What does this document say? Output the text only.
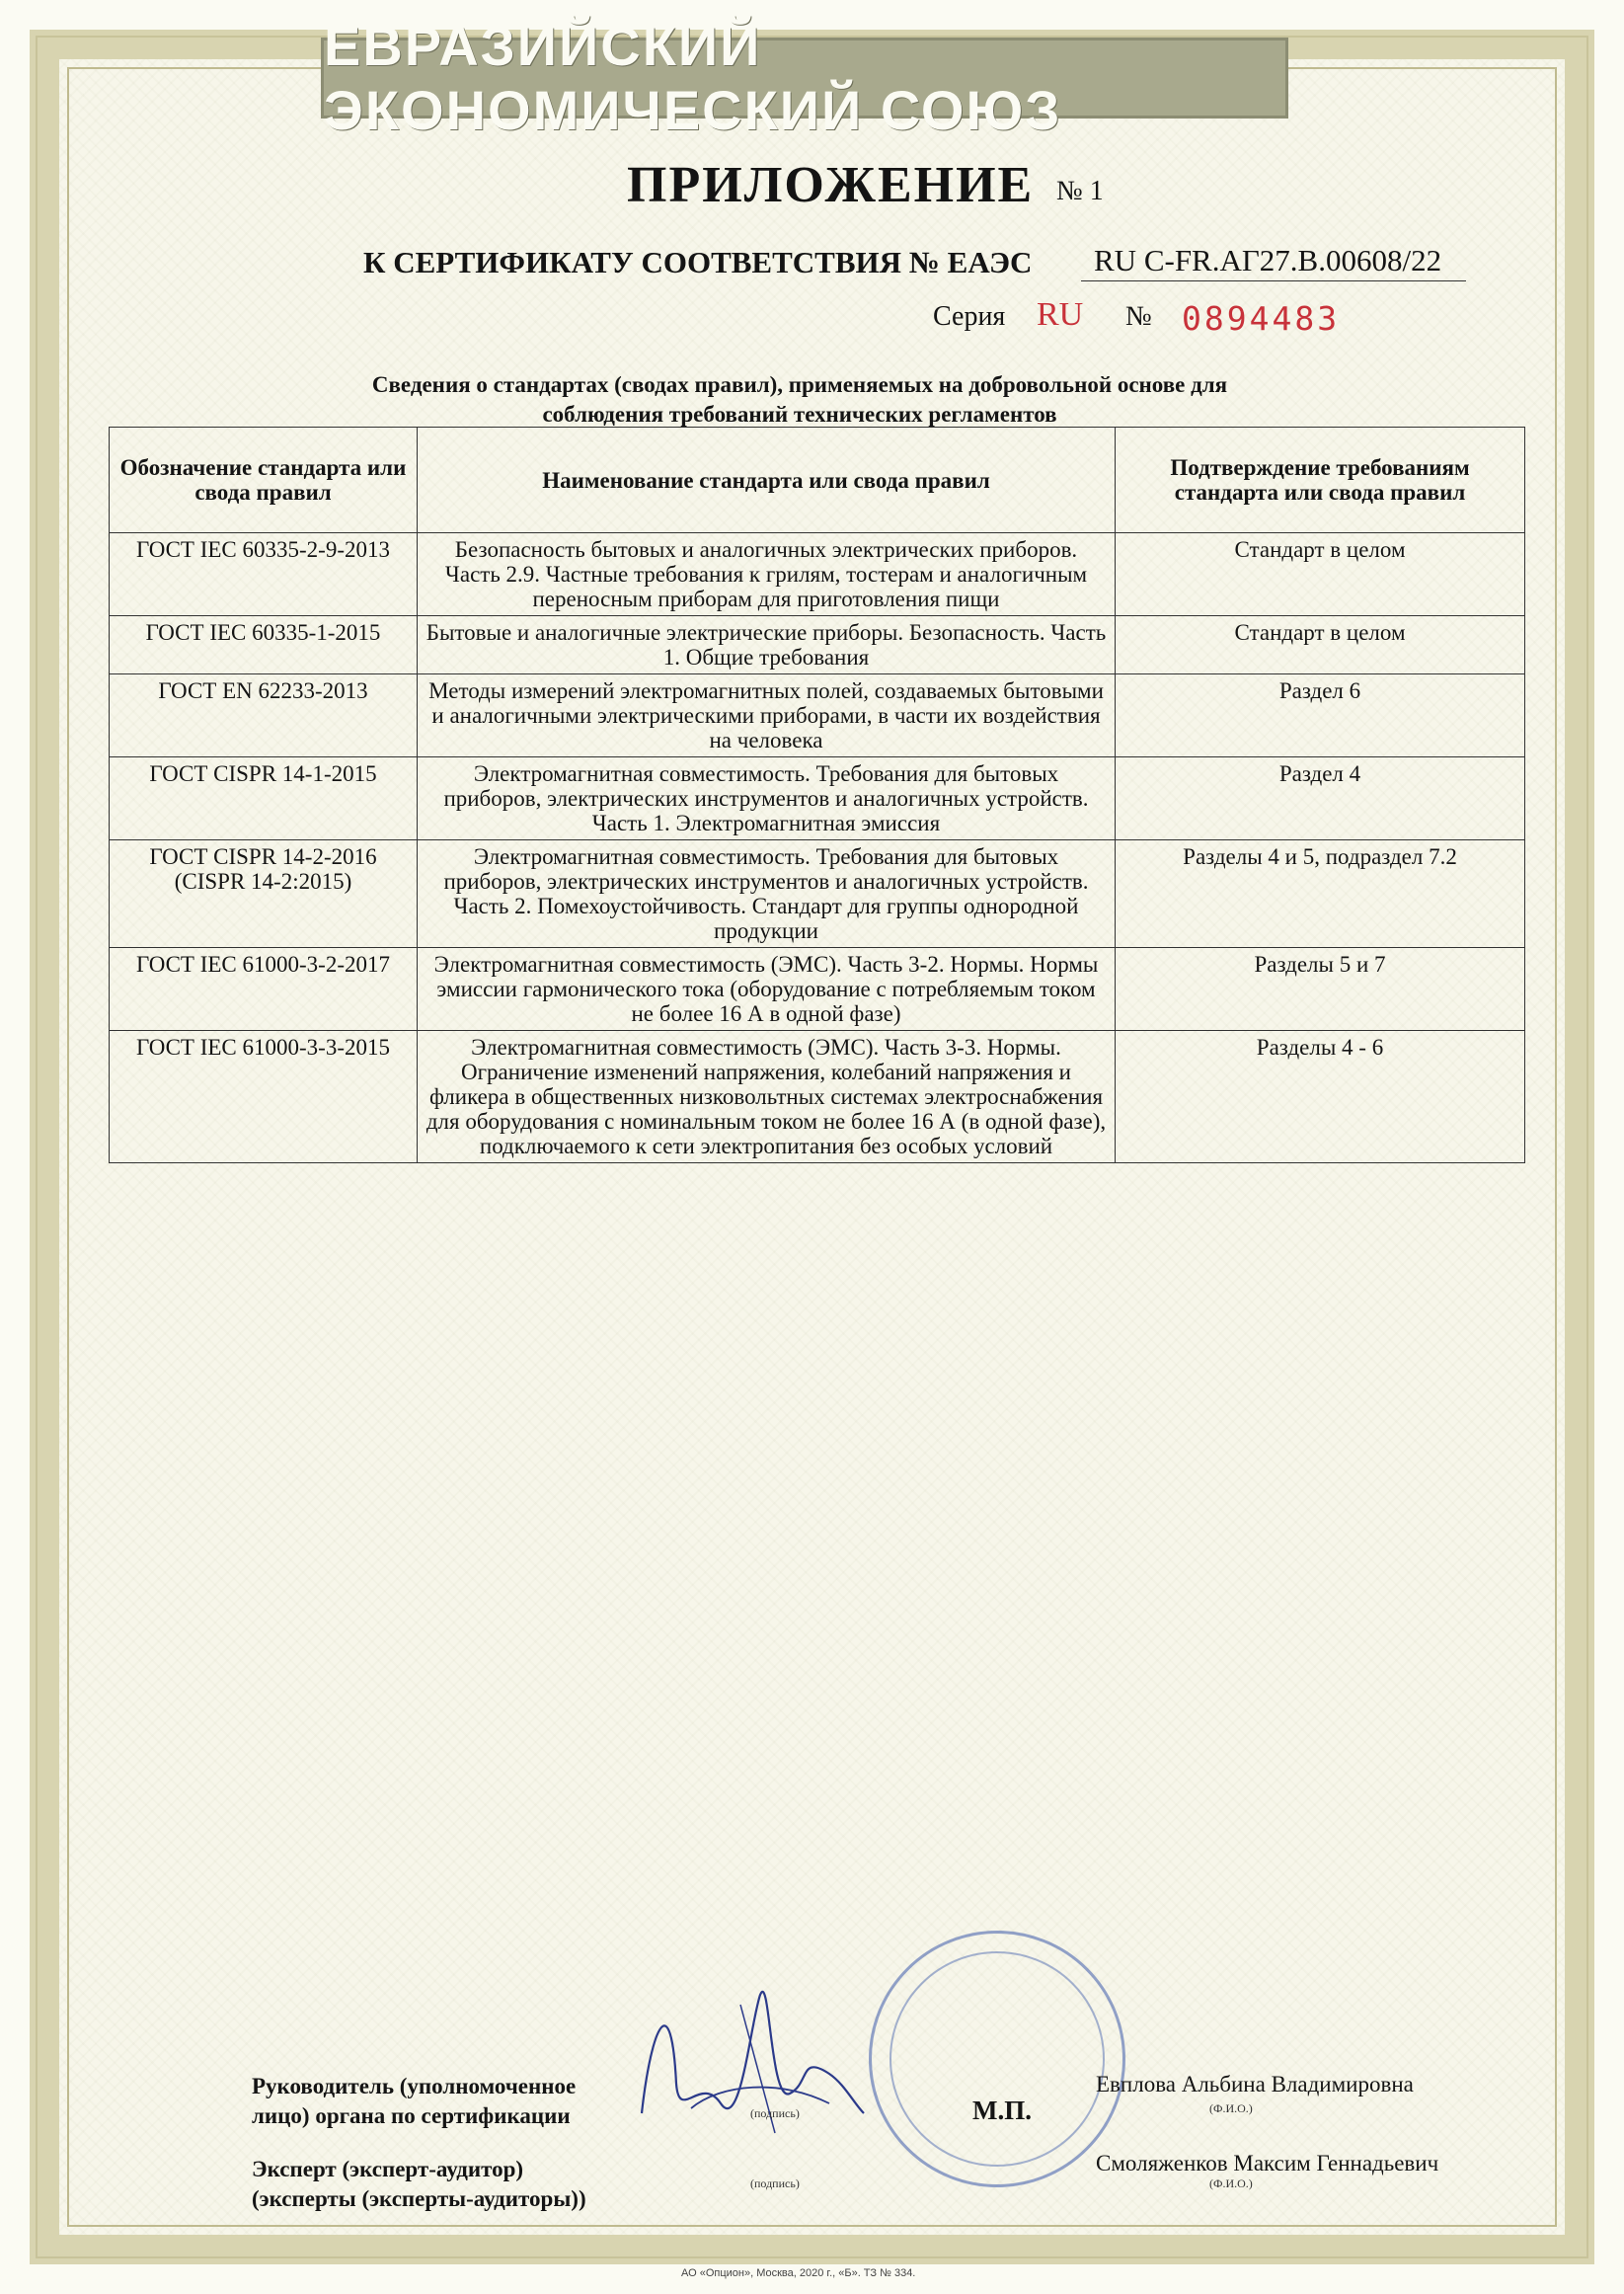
ЕВРАЗИЙСКИЙ ЭКОНОМИЧЕСКИЙ СОЮЗ
ПРИЛОЖЕНИЕ № 1
К СЕРТИФИКАТУ СООТВЕТСТВИЯ № ЕАЭС RU C-FR.АГ27.В.00608/22
Серия RU № 0894483
Сведения о стандартах (сводах правил), применяемых на добровольной основе для
соблюдения требований технических регламентов
Обозначение стандарта или свода правил	Наименование стандарта или свода правил	Подтверждение требованиям стандарта или свода правил
ГОСТ IEC 60335-2-9-2013	Безопасность бытовых и аналогичных электрических приборов. Часть 2.9. Частные требования к грилям, тостерам и аналогичным переносным приборам для приготовления пищи	Стандарт в целом
ГОСТ IEC 60335-1-2015	Бытовые и аналогичные электрические приборы. Безопасность. Часть 1. Общие требования	Стандарт в целом
ГОСТ EN 62233-2013	Методы измерений электромагнитных полей, создаваемых бытовыми и аналогичными электрическими приборами, в части их воздействия на человека	Раздел 6
ГОСТ CISPR 14-1-2015	Электромагнитная совместимость. Требования для бытовых приборов, электрических инструментов и аналогичных устройств. Часть 1. Электромагнитная эмиссия	Раздел 4
ГОСТ CISPR 14-2-2016 (CISPR 14-2:2015)	Электромагнитная совместимость. Требования для бытовых приборов, электрических инструментов и аналогичных устройств. Часть 2. Помехоустойчивость. Стандарт для группы однородной продукции	Разделы 4 и 5, подраздел 7.2
ГОСТ IEC 61000-3-2-2017	Электромагнитная совместимость (ЭМС). Часть 3-2. Нормы. Нормы эмиссии гармонического тока (оборудование с потребляемым током не более 16 А в одной фазе)	Разделы 5 и 7
ГОСТ IEC 61000-3-3-2015	Электромагнитная совместимость (ЭМС). Часть 3-3. Нормы. Ограничение изменений напряжения, колебаний напряжения и фликера в общественных низковольтных системах электроснабжения для оборудования с номинальным током не более 16 А (в одной фазе), подключаемого к сети электропитания без особых условий	Разделы 4 - 6
М.П.
Руководитель (уполномоченное
лицо) органа по сертификации	(подпись)
Евплова Альбина Владимировна
(Ф.И.О.)
Эксперт (эксперт-аудитор)
(эксперты (эксперты-аудиторы))
(подпись)
Смоляженков Максим Геннадьевич
(Ф.И.О.)
АО «Опцион», Москва, 2020 г., «Б». ТЗ № 334.
